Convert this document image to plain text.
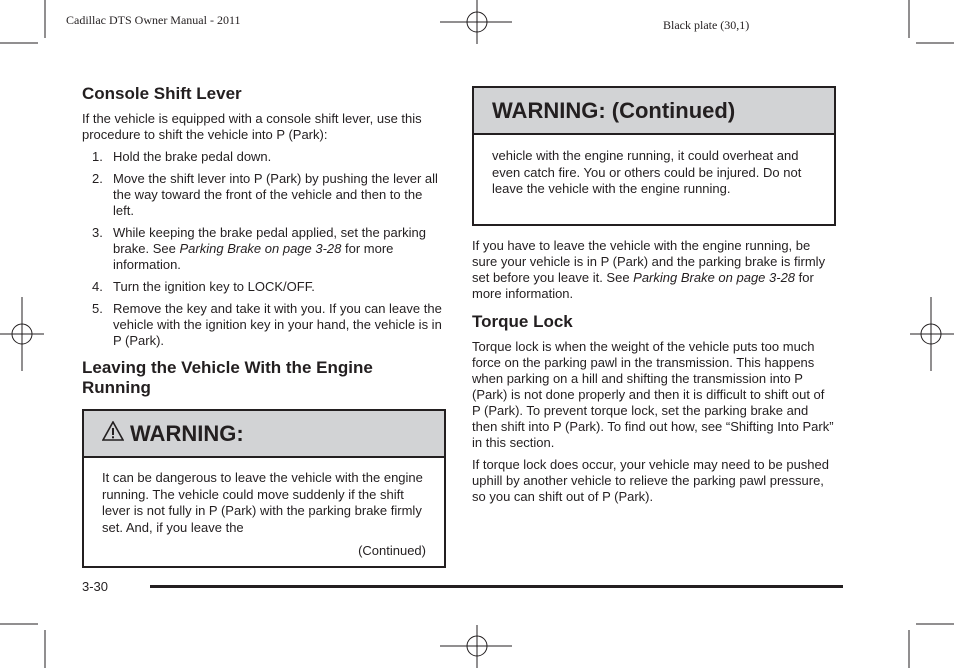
Cadillac DTS Owner Manual - 2011	Black plate (30,1)
Console Shift Lever

If the vehicle is equipped with a console shift lever, use this procedure to shift the vehicle into P (Park):

1. Hold the brake pedal down.
2. Move the shift lever into P (Park) by pushing the lever all the way toward the front of the vehicle and then to the left.
3. While keeping the brake pedal applied, set the parking brake. See Parking Brake on page 3‑28 for more information.
4. Turn the ignition key to LOCK/OFF.
5. Remove the key and take it with you. If you can leave the vehicle with the ignition key in your hand, the vehicle is in P (Park).
Leaving the Vehicle With the Engine Running
WARNING:

It can be dangerous to leave the vehicle with the engine running. The vehicle could move suddenly if the shift lever is not fully in P (Park) with the parking brake firmly set. And, if you leave the

(Continued)
WARNING: (Continued)

vehicle with the engine running, it could overheat and even catch fire. You or others could be injured. Do not leave the vehicle with the engine running.

If you have to leave the vehicle with the engine running, be sure your vehicle is in P (Park) and the parking brake is firmly set before you leave it. See Parking Brake on page 3‑28 for more information.

Torque Lock

Torque lock is when the weight of the vehicle puts too much force on the parking pawl in the transmission. This happens when parking on a hill and shifting the transmission into P (Park) is not done properly and then it is difficult to shift out of P (Park). To prevent torque lock, set the parking brake and then shift into P (Park). To find out how, see “Shifting Into Park” in this section.

If torque lock does occur, your vehicle may need to be pushed uphill by another vehicle to relieve the parking pawl pressure, so you can shift out of P (Park).

3-30
